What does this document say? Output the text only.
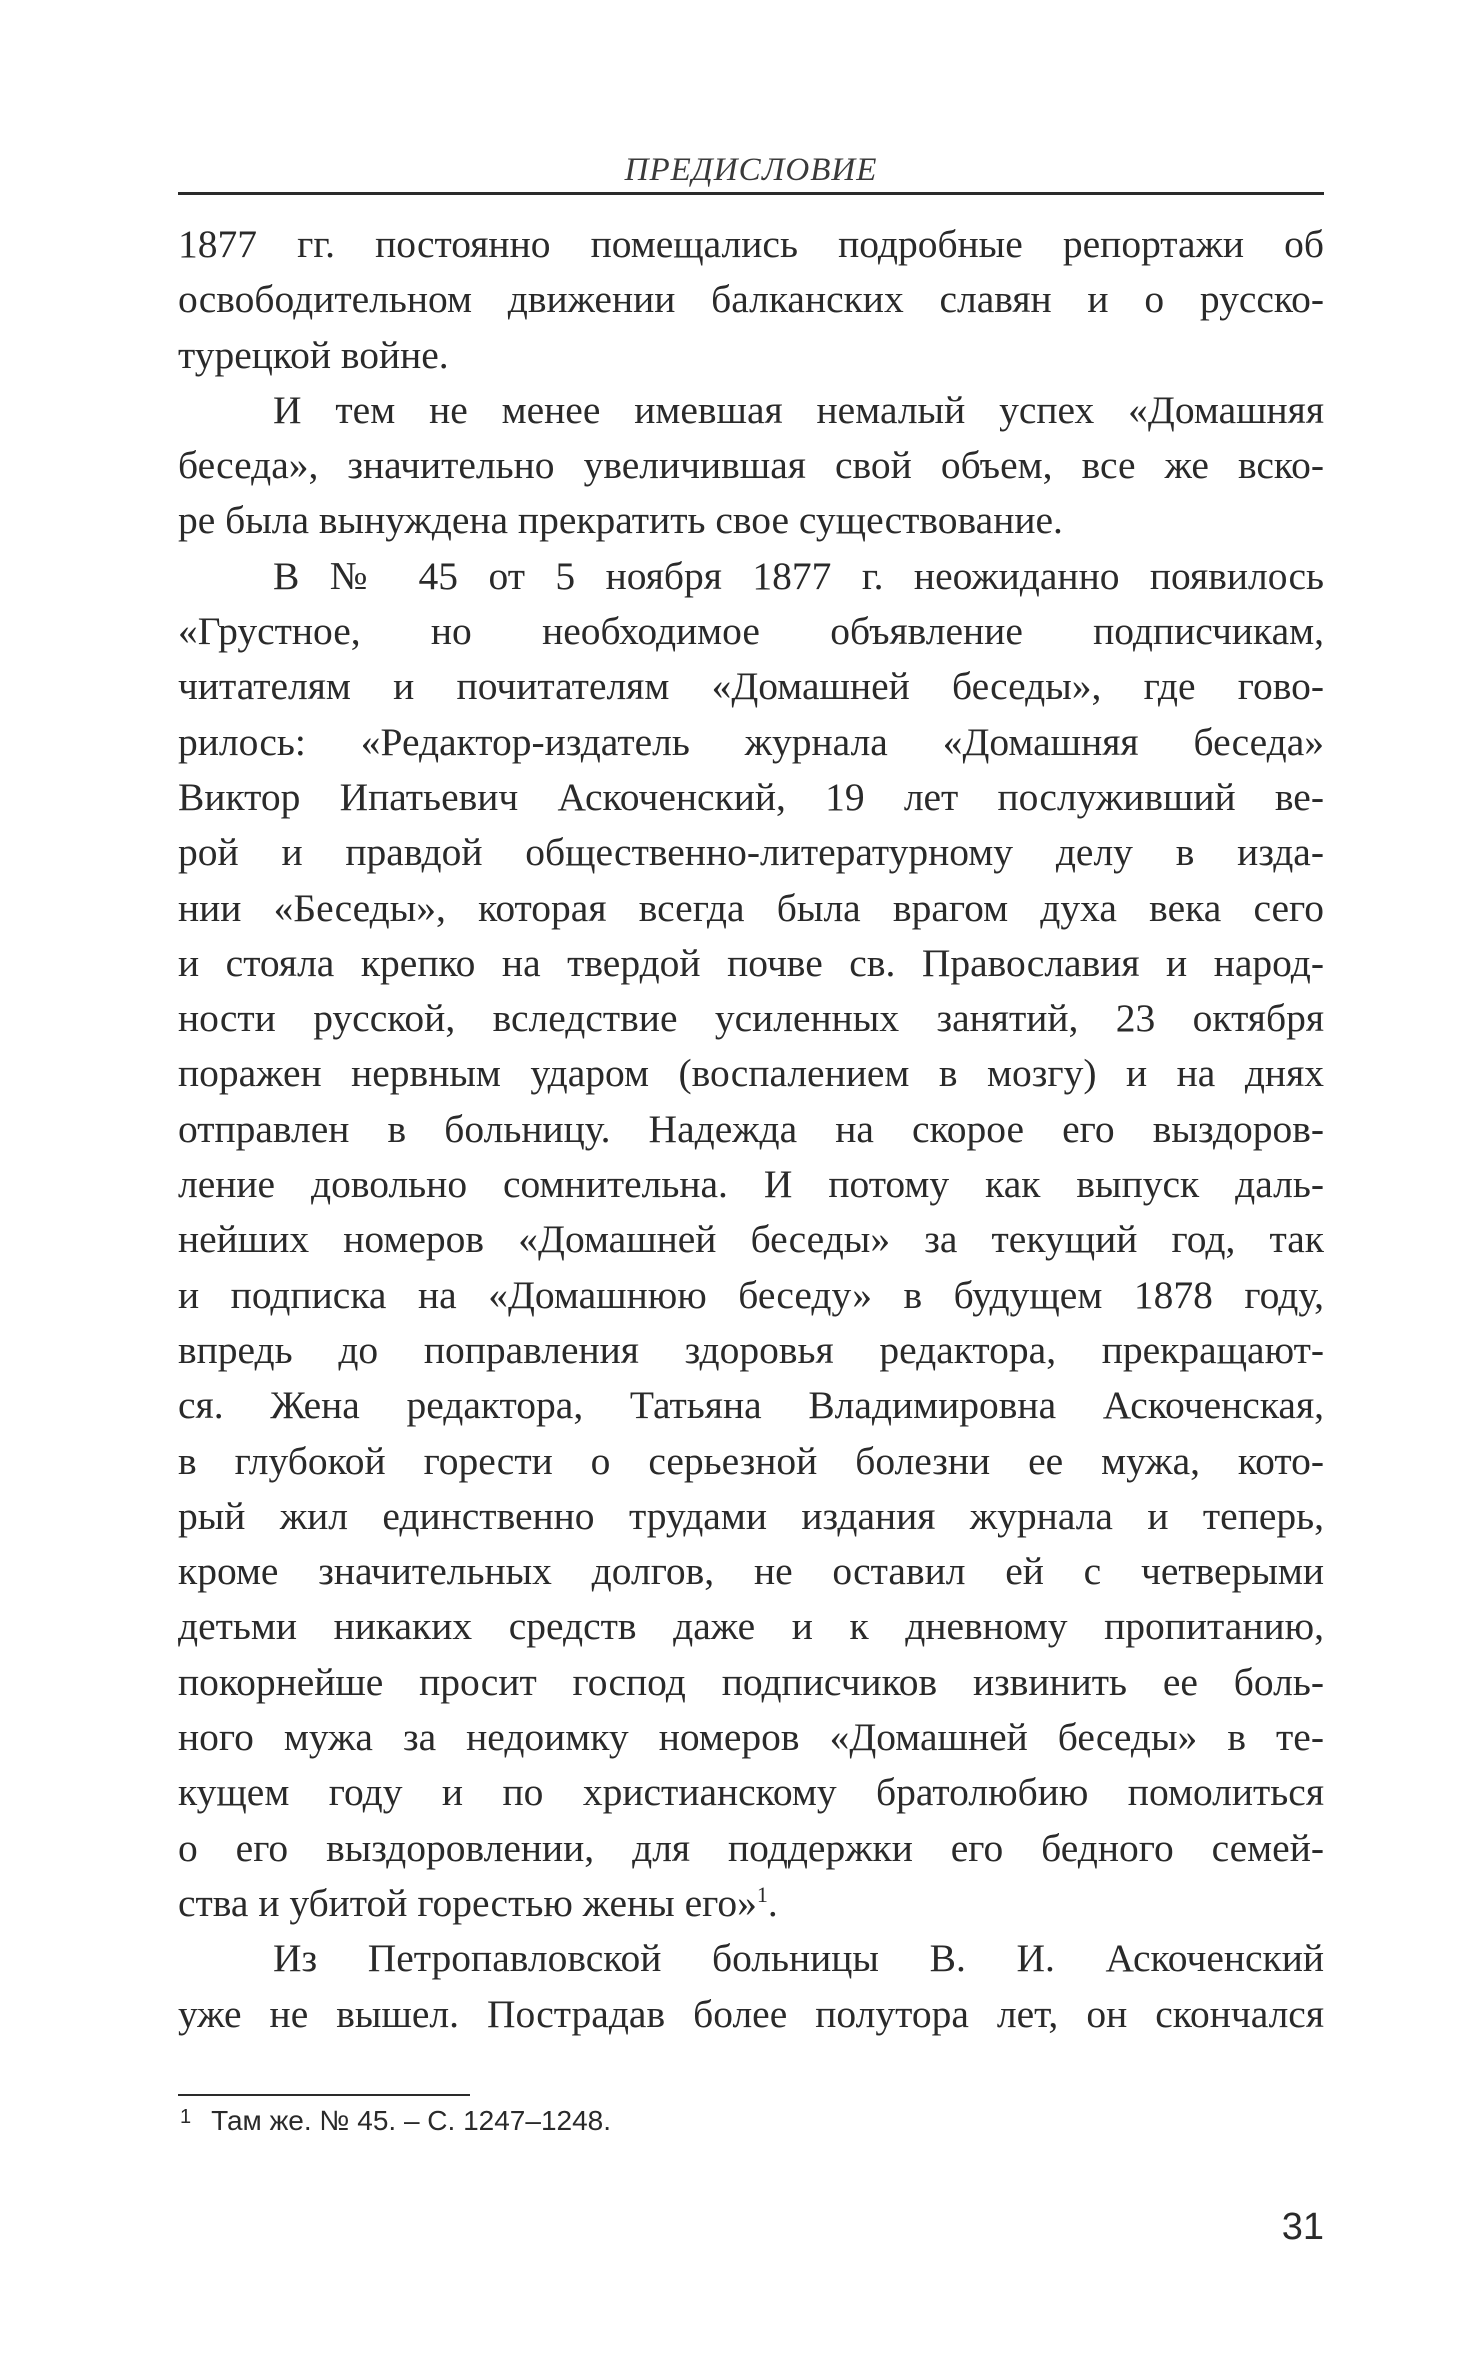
ПРЕДИСЛОВИЕ

1877 гг. постоянно помещались подробные репортажи об
освободительном движении балканских славян и о русско-
турецкой войне.

И тем не менее имевшая немалый успех «Домашняя
беседа», значительно увеличившая свой объем, все же вско-
ре была вынуждена прекратить свое существование.

В № 45 от 5 ноября 1877 г. неожиданно появилось
«Грустное, но необходимое объявление подписчикам,
читателям и почитателям «Домашней беседы», где гово-
рилось: «Редактор-издатель журнала «Домашняя беседа»
Виктор Ипатьевич Аскоченский, 19 лет послуживший ве-
рой и правдой общественно-литературному делу в изда-
нии «Беседы», которая всегда была врагом духа века сего
и стояла крепко на твердой почве св. Православия и народ-
ности русской, вследствие усиленных занятий, 23 октября
поражен нервным ударом (воспалением в мозгу) и на днях
отправлен в больницу. Надежда на скорое его выздоров-
ление довольно сомнительна. И потому как выпуск даль-
нейших номеров «Домашней беседы» за текущий год, так
и подписка на «Домашнюю беседу» в будущем 1878 году,
впредь до поправления здоровья редактора, прекращают-
ся. Жена редактора, Татьяна Владимировна Аскоченская,
в глубокой горести о серьезной болезни ее мужа, кото-
рый жил единственно трудами издания журнала и теперь,
кроме значительных долгов, не оставил ей с четверыми
детьми никаких средств даже и к дневному пропитанию,
покорнейше просит господ подписчиков извинить ее боль-
ного мужа за недоимку номеров «Домашней беседы» в те-
кущем году и по христианскому братолюбию помолиться
о его выздоровлении, для поддержки его бедного семей-
ства и убитой горестью жены его»$^1$.

Из Петропавловской больницы В. И. Аскоченский
уже не вышел. Пострадав более полутора лет, он скончался

$^1$ Там же. № 45. – С. 1247–1248.
31
